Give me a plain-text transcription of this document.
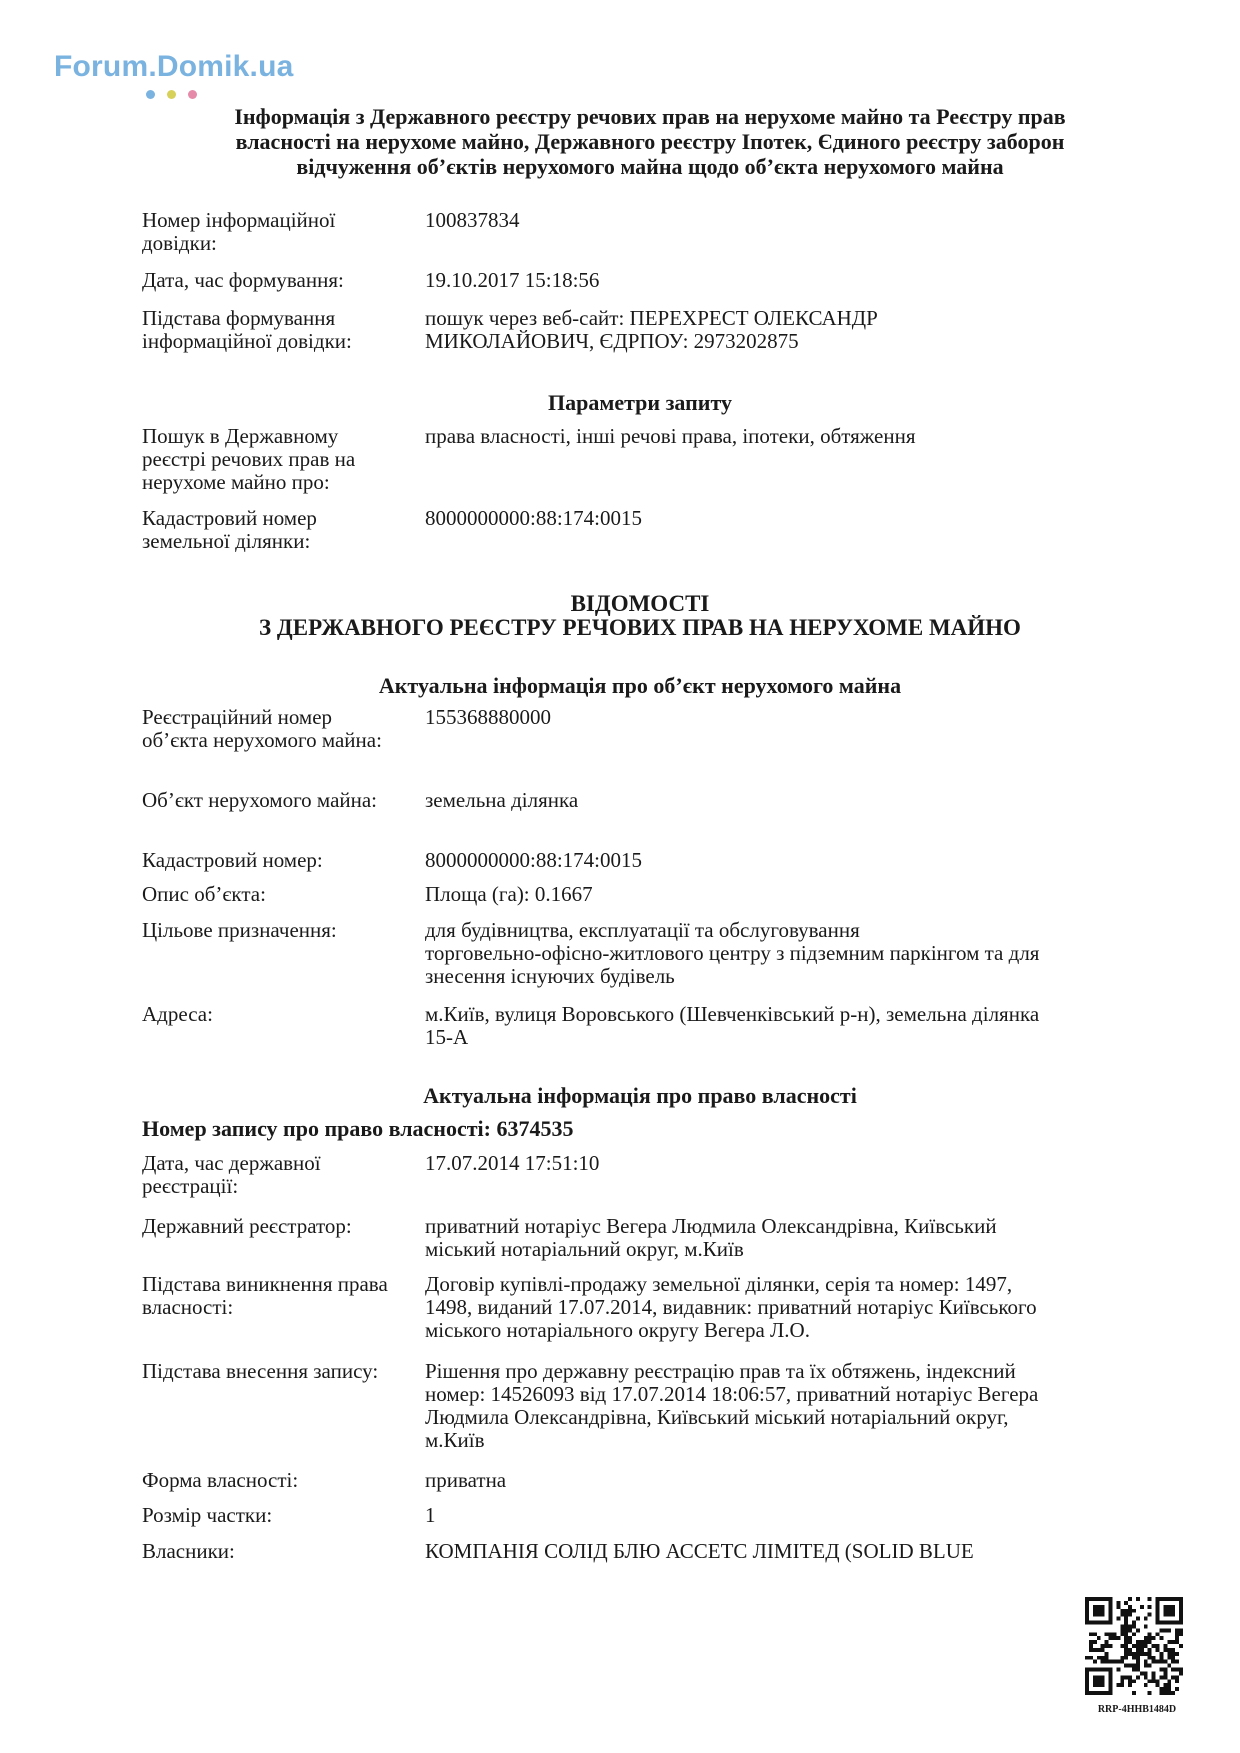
Forum.Domik.ua
Інформація з Державного реєстру речових прав на нерухоме майно та Реєстру прав
власності на нерухоме майно, Державного реєстру Іпотек, Єдиного реєстру заборон
відчуження об’єктів нерухомого майна щодо об’єкта нерухомого майна
Номер інформаційної довідки:
100837834
Дата, час формування:	19.10.2017 15:18:56
Підстава формування інформаційної довідки:
пошук через веб-сайт: ПЕРЕХРЕСТ ОЛЕКСАНДР
МИКОЛАЙОВИЧ, ЄДРПОУ: 2973202875
Параметри запиту
Пошук в Державному реєстрі речових прав на нерухоме майно про:
права власності, інші речові права, іпотеки, обтяження
Кадастровий номер земельної ділянки:
8000000000:88:174:0015
ВІДОМОСТІ
З ДЕРЖАВНОГО РЕЄСТРУ РЕЧОВИХ ПРАВ НА НЕРУХОМЕ МАЙНО
Актуальна інформація про об’єкт нерухомого майна
Реєстраційний номер об’єкта нерухомого майна:
155368880000
Об’єкт нерухомого майна:	земельна ділянка
Кадастровий номер:	8000000000:88:174:0015
Опис об’єкта:	Площа (га): 0.1667
Цільове призначення:	для будівництва, експлуатації та обслуговування
торговельно-офісно-житлового центру з підземним паркінгом та для
знесення існуючих будівель
Адреса:	м.Київ, вулиця Воровського (Шевченківський р-н), земельна ділянка
15-А
Актуальна інформація про право власності
Номер запису про право власності: 6374535
Дата, час державної реєстрації:
17.07.2014 17:51:10
Державний реєстратор:	приватний нотаріус Вегера Людмила Олександрівна, Київський
міський нотаріальний округ, м.Київ
Підстава виникнення права власності:
Договір купівлі-продажу земельної ділянки, серія та номер: 1497,
1498, виданий 17.07.2014, видавник: приватний нотаріус Київського
міського нотаріального округу Вегера Л.О.
Підстава внесення запису:	Рішення про державну реєстрацію прав та їх обтяжень, індексний
номер: 14526093 від 17.07.2014 18:06:57, приватний нотаріус Вегера
Людмила Олександрівна, Київський міський нотаріальний округ,
м.Київ
Форма власності:	приватна
Розмір частки:	1
Власники:	КОМПАНІЯ СОЛІД БЛЮ АССЕТС ЛІМІТЕД (SOLID BLUE
RRP-4HHB1484D
